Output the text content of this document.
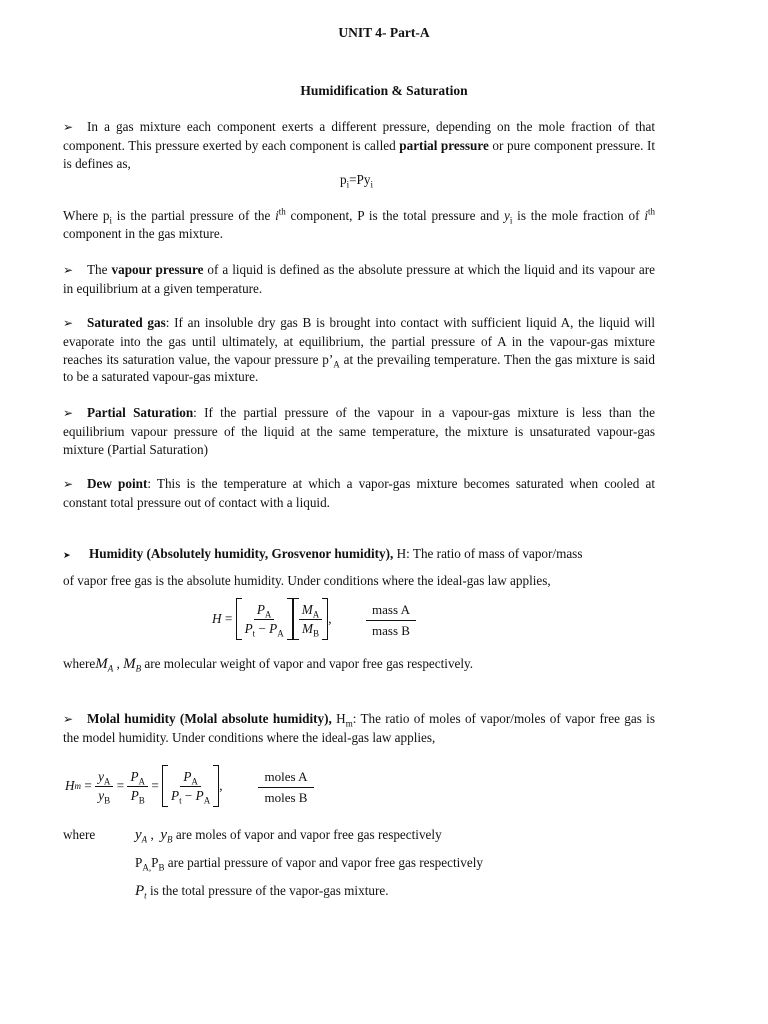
UNIT 4- Part-A
Humidification & Saturation
➢ In a gas mixture each component exerts a different pressure, depending on the mole fraction of that component. This pressure exerted by each component is called partial pressure or pure component pressure. It is defines as,
$p_i=Py_i$
Where $p_i$ is the partial pressure of the $i^{th}$ component, P is the total pressure and $y_i$ is the mole fraction of $i^{th}$ component in the gas mixture.
➢ The vapour pressure of a liquid is defined as the absolute pressure at which the liquid and its vapour are in equilibrium at a given temperature.
➢ Saturated gas: If an insoluble dry gas B is brought into contact with sufficient liquid A, the liquid will evaporate into the gas until ultimately, at equilibrium, the partial pressure of A in the vapour-gas mixture reaches its saturation value, the vapour pressure $p’_A$ at the prevailing temperature. Then the gas mixture is said to be a saturated vapour-gas mixture.
➢ Partial Saturation: If the partial pressure of the vapour in a vapour-gas mixture is less than the equilibrium vapour pressure of the liquid at the same temperature, the mixture is unsaturated vapour-gas mixture (Partial Saturation)
➢ Dew point: This is the temperature at which a vapor-gas mixture becomes saturated when cooled at constant total pressure out of contact with a liquid.
➤ Humidity (Absolutely humidity, Grosvenor humidity), H: The ratio of mass of vapor/mass
of vapor free gas is the absolute humidity. Under conditions where the ideal-gas law applies,
$H = \frac{P_A}{P_t - P_A} \frac{M_A}{M_B}$ ,
mass A
mass B
whereM$_A$ , $M_B$ are molecular weight of vapor and vapor free gas respectively.
➢ Molal humidity (Molal absolute humidity), $H_m$: The ratio of moles of vapor/moles of vapor free gas is the model humidity. Under conditions where the ideal-gas law applies,
H $m = \frac{y_A}{y_B} = \frac{P_A}{P_B} = \frac{P_A}{P_t - P_A}$ ,
moles A
moles B
where	$y_A$ ,  $y_B$ are moles of vapor and vapor free gas respectively
$P_{A,}P_B$ are partial pressure of vapor and vapor free gas respectively
$P_t$ is the total pressure of the vapor-gas mixture.
